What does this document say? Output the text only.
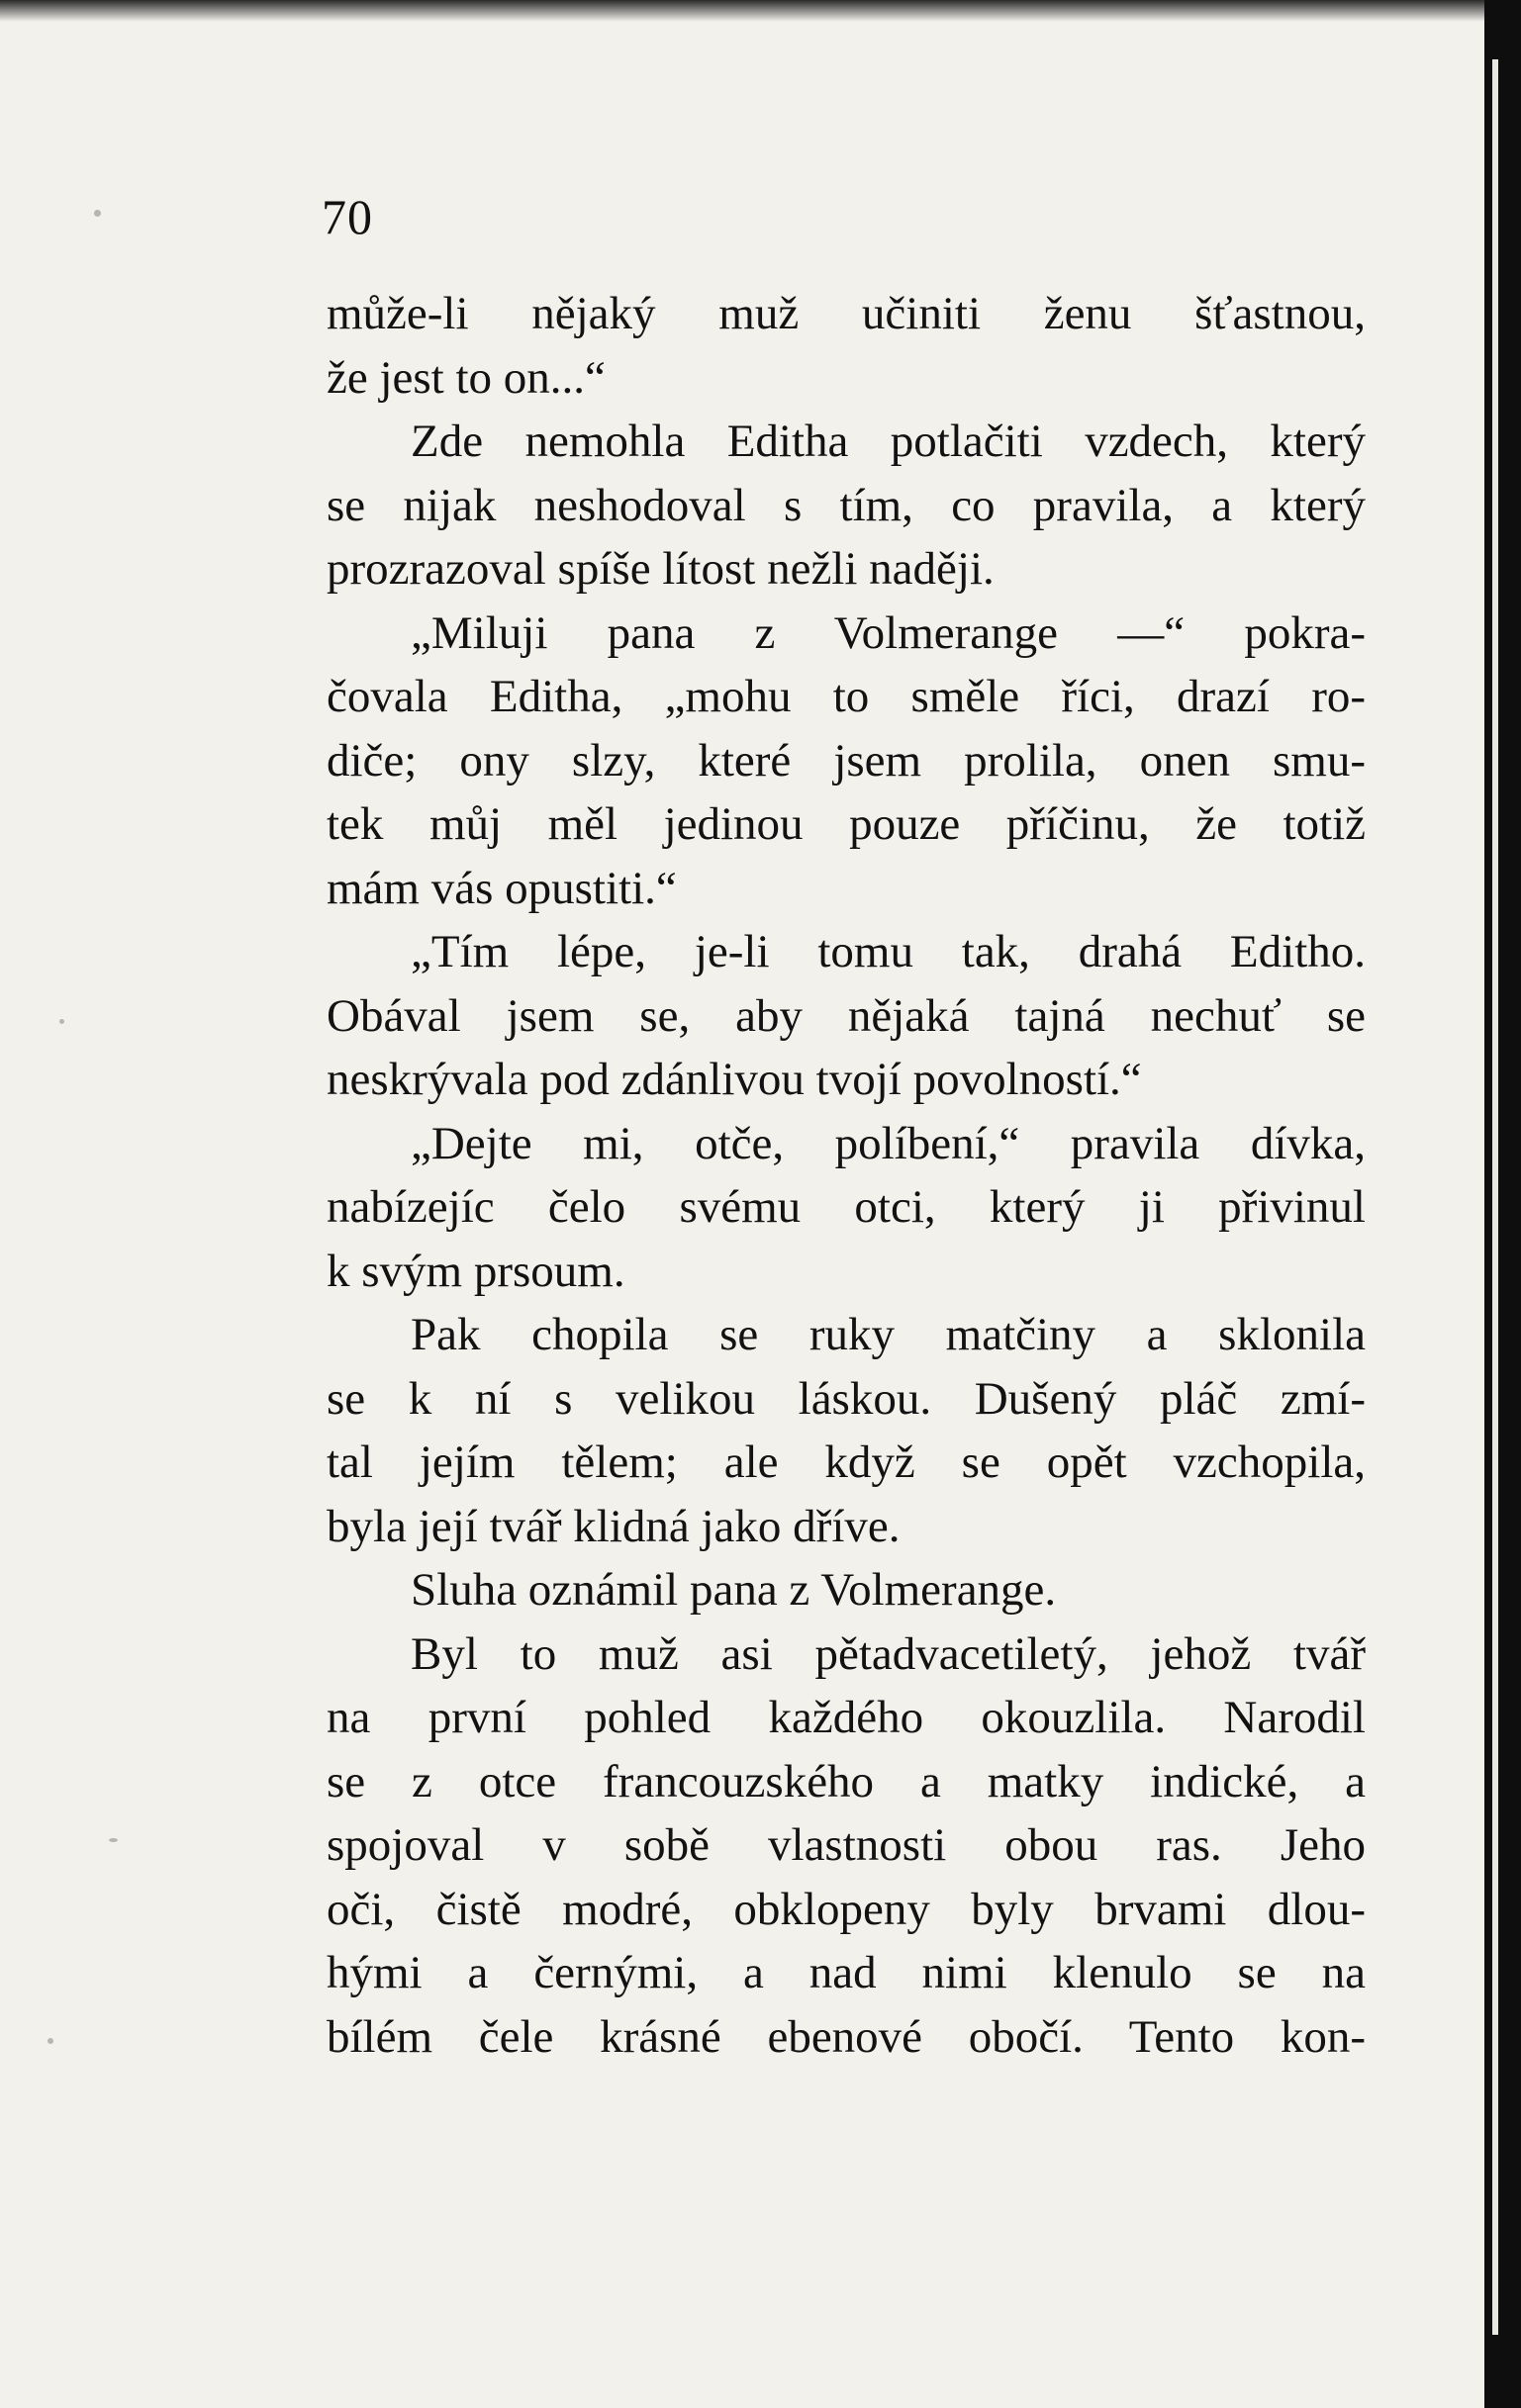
70
může-li nějaký muž učiniti ženu šťastnou,
že jest to on...“
Zde nemohla Editha potlačiti vzdech, který
se nijak neshodoval s tím, co pravila, a který
prozrazoval spíše lítost nežli naději.
„Miluji pana z Volmerange —“ pokra-
čovala Editha, „mohu to směle říci, drazí ro-
diče; ony slzy, které jsem prolila, onen smu-
tek můj měl jedinou pouze příčinu, že totiž
mám vás opustiti.“
„Tím lépe, je-li tomu tak, drahá Editho.
Obával jsem se, aby nějaká tajná nechuť se
neskrývala pod zdánlivou tvojí povolností.“
„Dejte mi, otče, políbení,“ pravila dívka,
nabízejíc čelo svému otci, který ji přivinul
k svým prsoum.
Pak chopila se ruky matčiny a sklonila
se k ní s velikou láskou. Dušený pláč zmí-
tal jejím tělem; ale když se opět vzchopila,
byla její tvář klidná jako dříve.
Sluha oznámil pana z Volmerange.
Byl to muž asi pětadvacetiletý, jehož tvář
na první pohled každého okouzlila. Narodil
se z otce francouzského a matky indické, a
spojoval v sobě vlastnosti obou ras. Jeho
oči, čistě modré, obklopeny byly brvami dlou-
hými a černými, a nad nimi klenulo se na
bílém čele krásné ebenové obočí. Tento kon-
